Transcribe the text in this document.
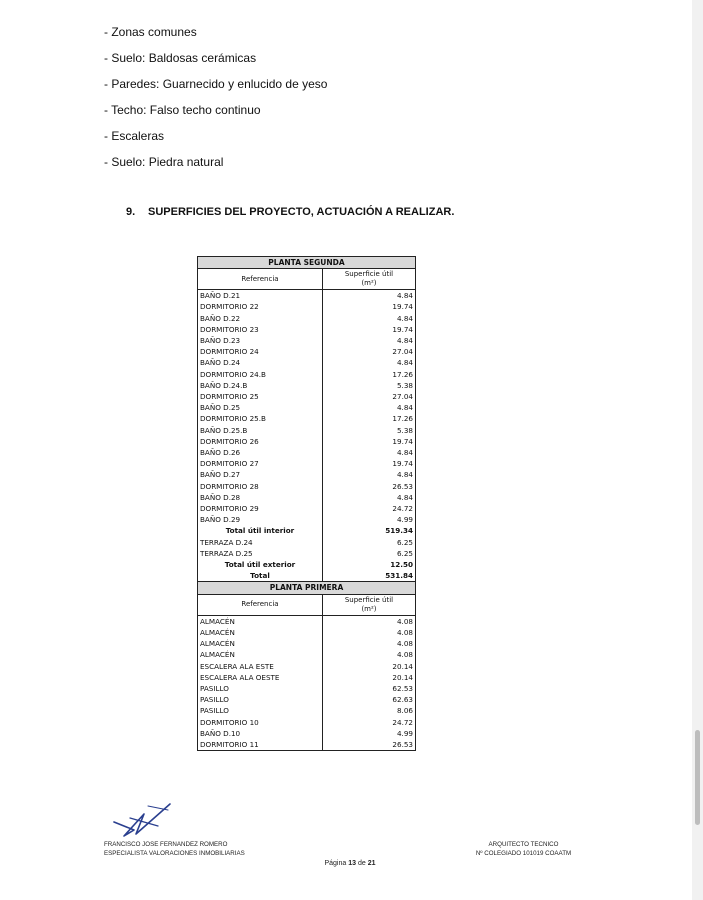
- Zonas comunes
- Suelo: Baldosas cerámicas
- Paredes: Guarnecido y enlucido de yeso
- Techo: Falso techo continuo
- Escaleras
- Suelo: Piedra natural
9. SUPERFICIES DEL PROYECTO, ACTUACIÓN A REALIZAR.
PLANTA SEGUNDA	
Referencia	Superficie útil
(m²)

BAÑO D.21	4.84
DORMITORIO 22	19.74
BAÑO D.22	4.84
DORMITORIO 23	19.74
BAÑO D.23	4.84
DORMITORIO 24	27.04
BAÑO D.24	4.84
DORMITORIO 24.B	17.26
BAÑO D.24.B	5.38
DORMITORIO 25	27.04
BAÑO D.25	4.84
DORMITORIO 25.B	17.26
BAÑO D.25.B	5.38
DORMITORIO 26	19.74
BAÑO D.26	4.84
DORMITORIO 27	19.74
BAÑO D.27	4.84
DORMITORIO 28	26.53
BAÑO D.28	4.84
DORMITORIO 29	24.72
BAÑO D.29	4.99
Total útil interior	519.34
TERRAZA D.24	6.25
TERRAZA D.25	6.25
Total útil exterior	12.50
Total	531.84
PLANTA PRIMERA	
Referencia	Superficie útil
(m²)

ALMACÉN	4.08
ALMACÉN	4.08
ALMACÉN	4.08
ALMACÉN	4.08
ESCALERA ALA ESTE	20.14
ESCALERA ALA OESTE	20.14
PASILLO	62.53
PASILLO	62.63
PASILLO	8.06
DORMITORIO 10	24.72
BAÑO D.10	4.99
DORMITORIO 11	26.53
FRANCISCO JOSE FERNANDEZ ROMERO
ESPECIALISTA VALORACIONES INMOBILIARIAS
ARQUITECTO TECNICO
Nº COLEGIADO 101019 COAATM
Página 13 de 21
